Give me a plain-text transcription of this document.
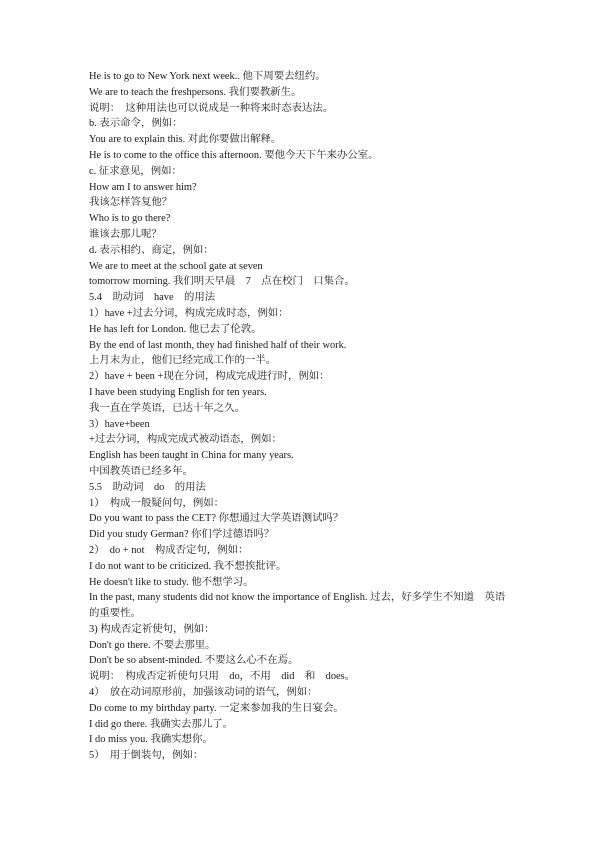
He is to go to New York next week.. 他下周要去纽约。
We are to teach the freshpersons. 我们要教新生。
说明：　这种用法也可以说成是一种将来时态表达法。
b. 表示命令，例如：
You are to explain this. 对此你要做出解释。
He is to come to the office this afternoon. 要他今天下午来办公室。
c. 征求意见，例如：
How am I to answer him?
我该怎样答复他？
Who is to go there?
谁该去那儿呢？
d. 表示相约、商定，例如：
We are to meet at the school gate at seven
tomorrow morning. 我们明天早晨　7　点在校门　口集合。
5.4　助动词　have　的用法
1）have +过去分词，构成完成时态，例如：
He has left for London. 他已去了伦敦。
By the end of last month, they had finished half of their work.
上月末为止，他们已经完成工作的一半。
2）have + been +现在分词，构成完成进行时，例如：
I have been studying English for ten years.
我一直在学英语，已达十年之久。
3）have+been
+过去分词，构成完成式被动语态，例如：
English has been taught in China for many years.
中国教英语已经多年。
5.5　助动词　do　的用法
1）　构成一般疑问句，例如：
Do you want to pass the CET? 你想通过大学英语测试吗？
Did you study German? 你们学过德语吗？
2）　do + not　构成否定句，例如：
I do not want to be criticized. 我不想挨批评。
He doesn't like to study. 他不想学习。
In the past, many students did not know the importance of English. 过去，好多学生不知道　英语
的重要性。
3) 构成否定祈使句，例如：
Don't go there. 不要去那里。
Don't be so absent-minded. 不要这么心不在焉。
说明：　构成否定祈使句只用　do，不用　did　和　does。
4）　放在动词原形前，加强该动词的语气，例如：
Do come to my birthday party. 一定来参加我的生日宴会。
I did go there. 我确实去那儿了。
I do miss you. 我确实想你。
5）　用于倒装句，例如：
